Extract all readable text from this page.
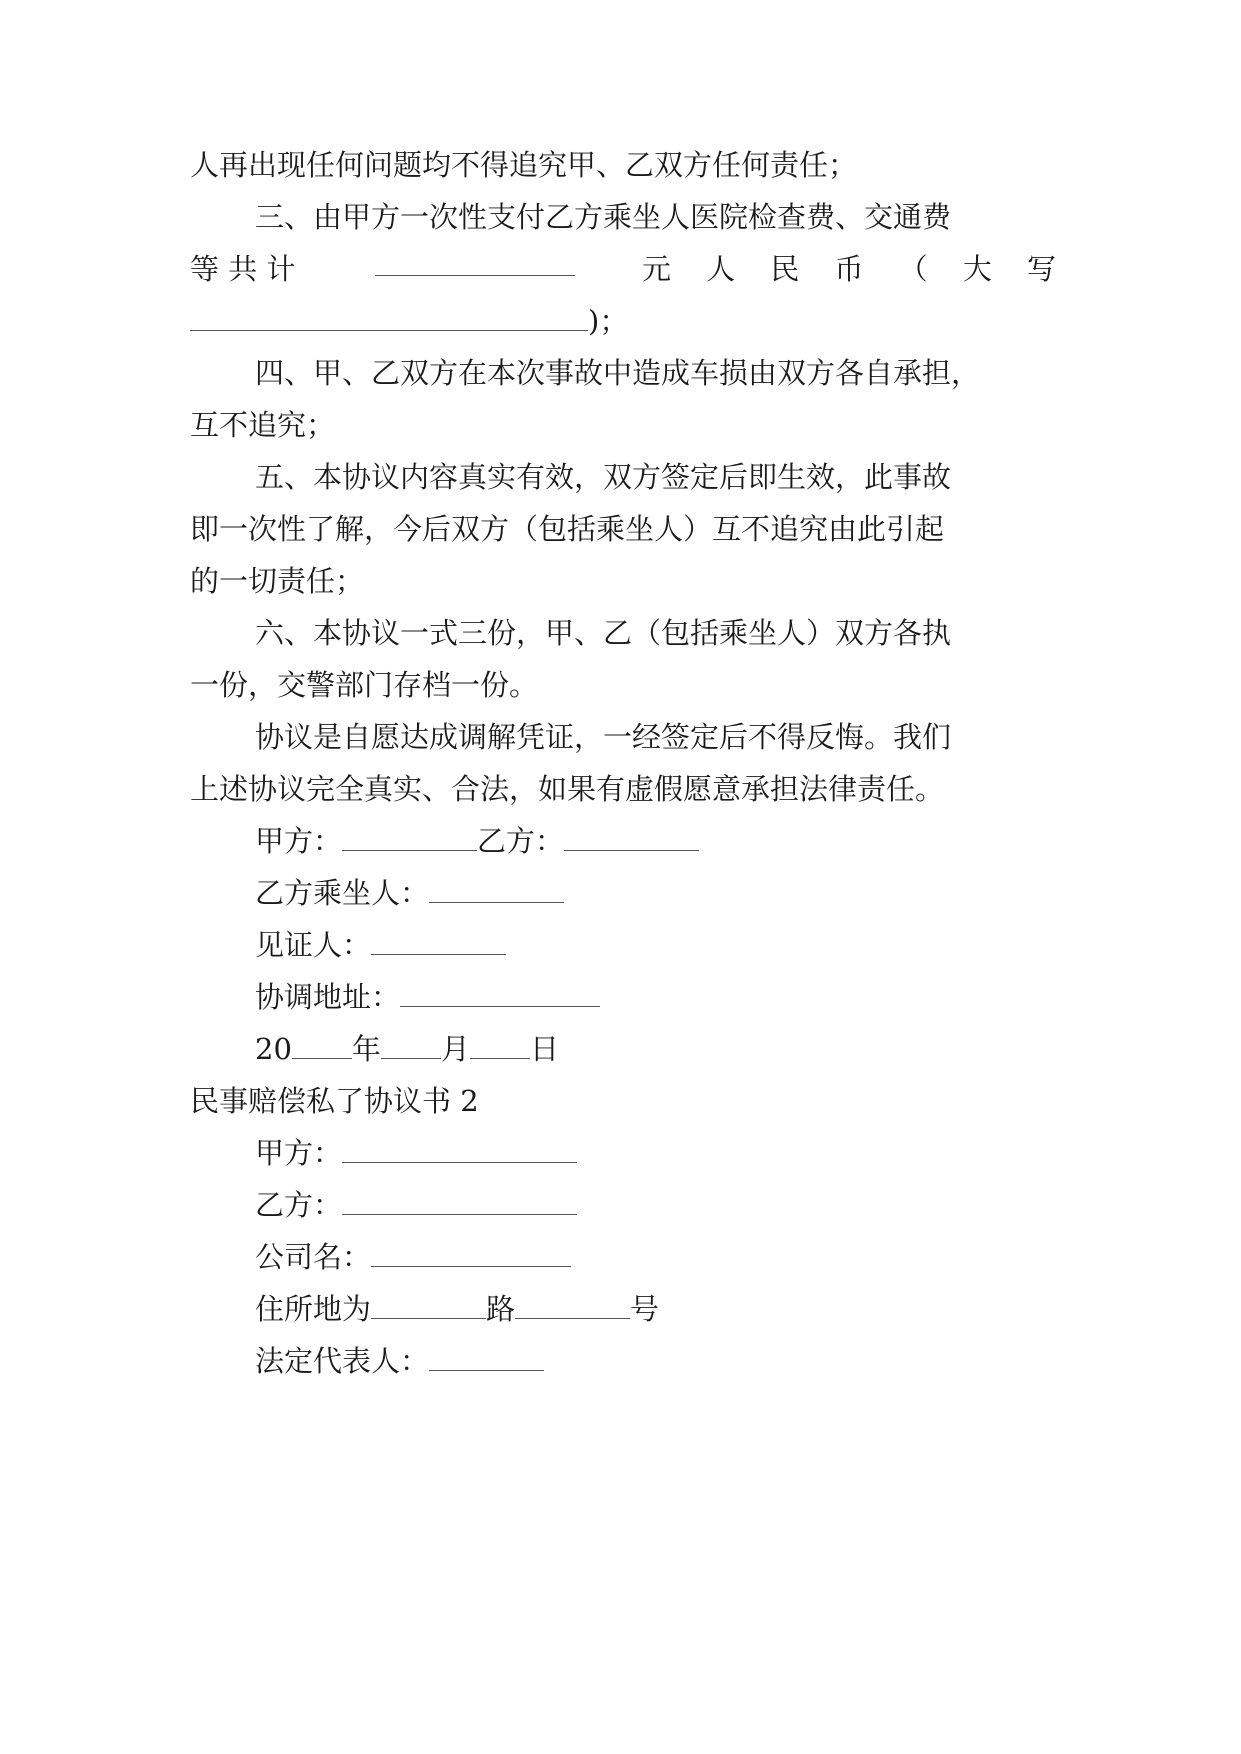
人再出现任何问题均不得追究甲、乙双方任何责任；
三、由甲方一次性支付乙方乘坐人医院检查费、交通费
等 共 计	元 人 民 币 （ 大 写
)；
四、甲、乙双方在本次事故中造成车损由双方各自承担，
互不追究；
五、本协议内容真实有效，双方签定后即生效，此事故
即一次性了解，今后双方（包括乘坐人）互不追究由此引起
的一切责任；
六、本协议一式三份，甲、乙（包括乘坐人）双方各执
一份，交警部门存档一份。
协议是自愿达成调解凭证，一经签定后不得反悔。我们
上述协议完全真实、合法，如果有虚假愿意承担法律责任。
甲方：	乙方：
乙方乘坐人：
见证人：
协调地址：
20 年 月 日
民事赔偿私了协议书 2
甲方：
乙方：
公司名：
住所地为	路	号
法定代表人：
